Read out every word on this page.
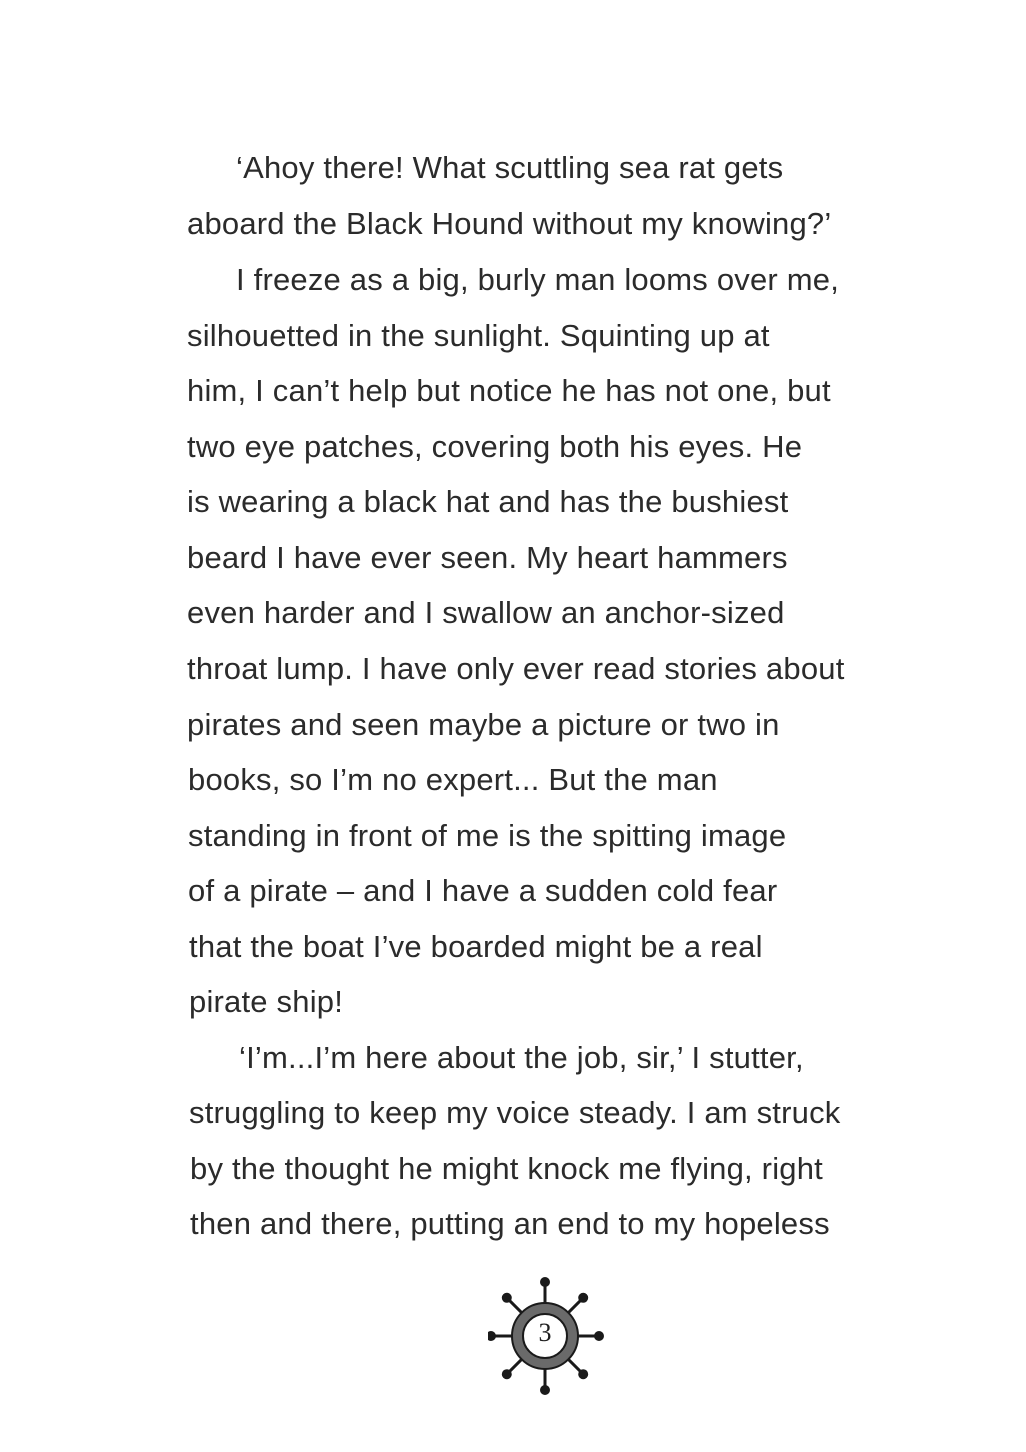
‘Ahoy there! What scuttling sea rat gets
aboard the Black Hound without my knowing?’
I freeze as a big, burly man looms over me,
silhouetted in the sunlight. Squinting up at
him, I can’t help but notice he has not one, but
two eye patches, covering both his eyes. He
is wearing a black hat and has the bushiest
beard I have ever seen. My heart hammers
even harder and I swallow an anchor-sized
throat lump. I have only ever read stories about
pirates and seen maybe a picture or two in
books, so I’m no expert... But the man
standing in front of me is the spitting image
of a pirate – and I have a sudden cold fear
that the boat I’ve boarded might be a real
pirate ship!
‘I’m...I’m here about the job, sir,’ I stutter,
struggling to keep my voice steady. I am struck
by the thought he might knock me flying, right
then and there, putting an end to my hopeless
3
